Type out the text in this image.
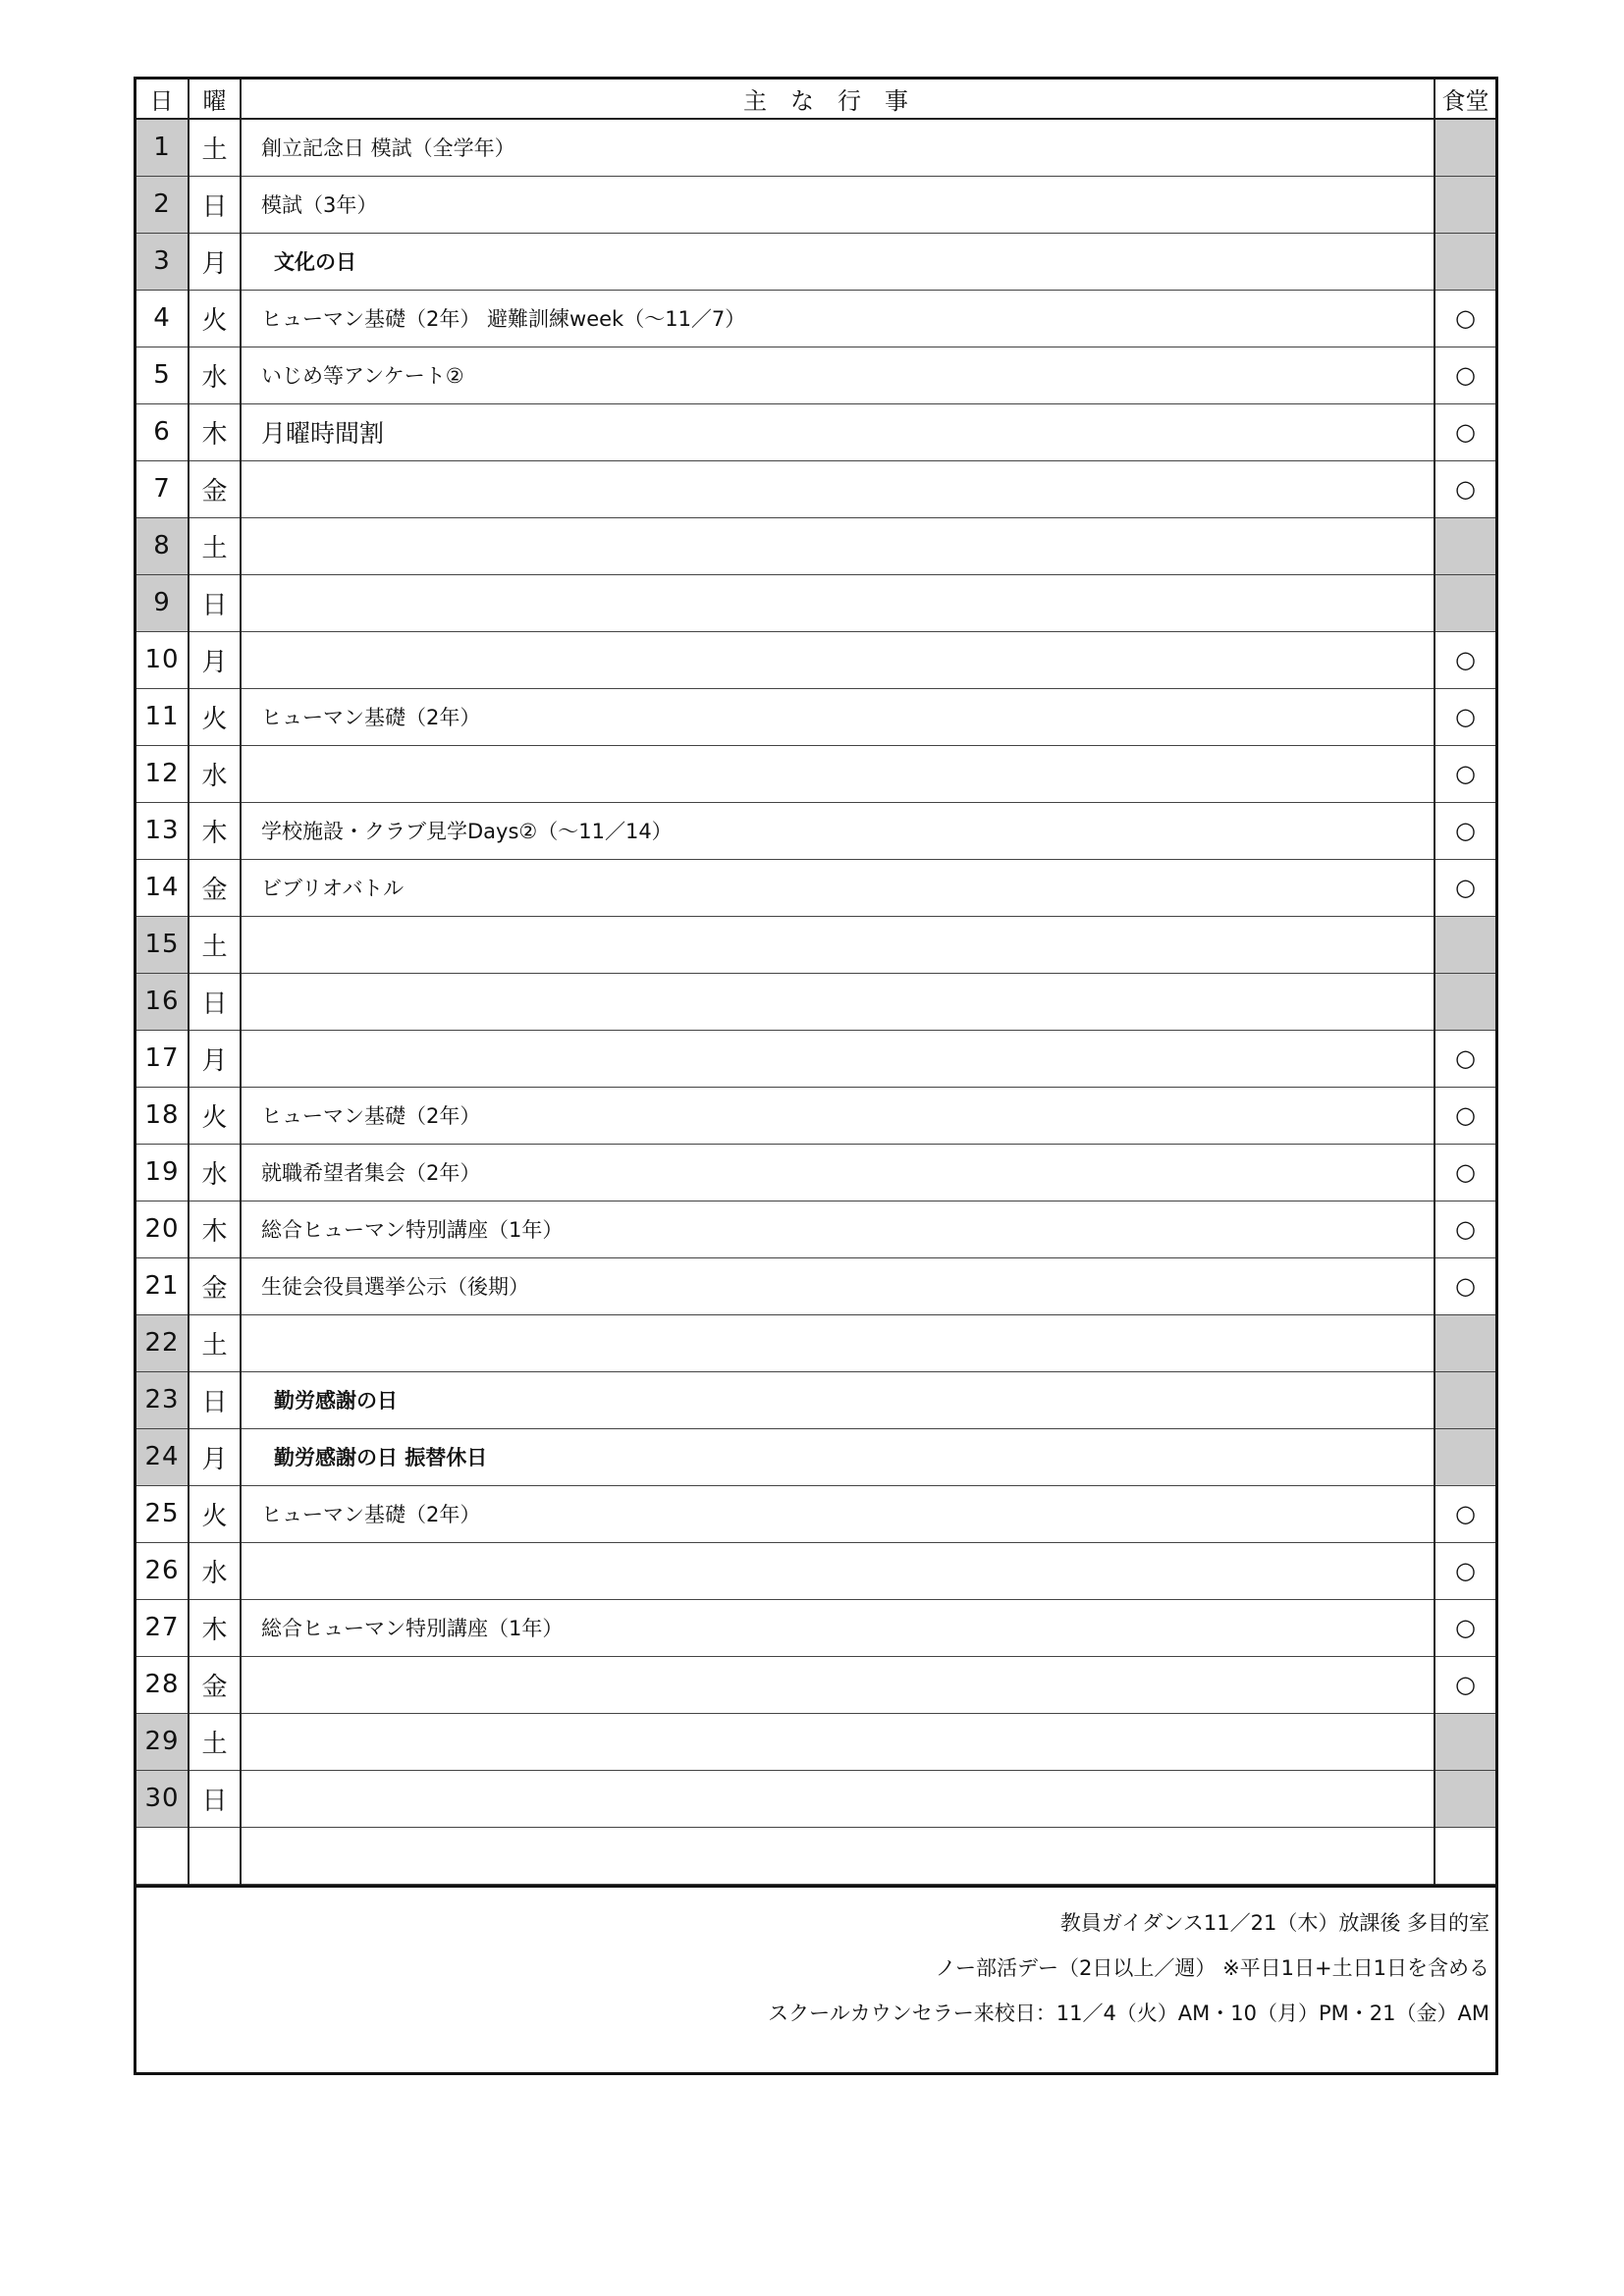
日	曜	主な行事	食堂
1	土	創立記念日 模試（全学年）	
2	日	模試（3年）	
3	月	文化の日	
4	火	ヒューマン基礎（2年） 避難訓練week（～11／7）	○
5	水	いじめ等アンケート②	○
6	木	月曜時間割	○
7	金		○
8	土		
9	日		
10	月		○
11	火	ヒューマン基礎（2年）	○
12	水		○
13	木	学校施設・クラブ見学Days②（～11／14）	○
14	金	ビブリオバトル	○
15	土		
16	日		
17	月		○
18	火	ヒューマン基礎（2年）	○
19	水	就職希望者集会（2年）	○
20	木	総合ヒューマン特別講座（1年）	○
21	金	生徒会役員選挙公示（後期）	○
22	土		
23	日	勤労感謝の日	
24	月	勤労感謝の日 振替休日	
25	火	ヒューマン基礎（2年）	○
26	水		○
27	木	総合ヒューマン特別講座（1年）	○
28	金		○
29	土		
30	日		

教員ガイダンス11／21（木）放課後 多目的室
ノー部活デー（2日以上／週） ※平日1日+土日1日を含める
スクールカウンセラー来校日：11／4（火）AM・10（月）PM・21（金）AM
